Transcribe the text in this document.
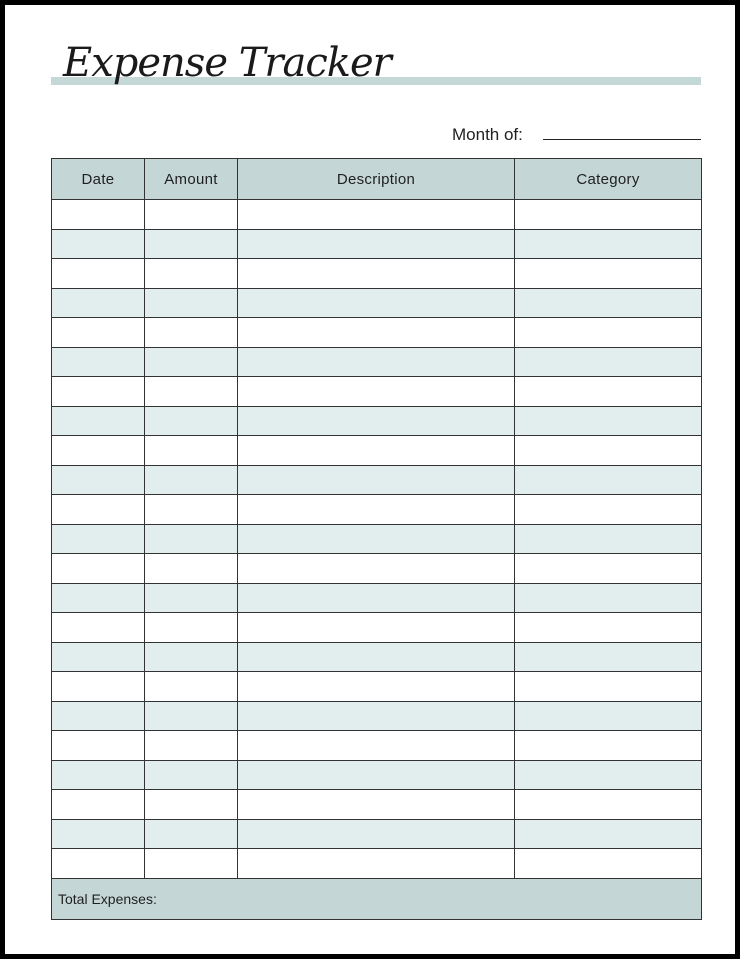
Expense Tracker
Month of:
Date	Amount	Description	Category

Total Expenses:			
